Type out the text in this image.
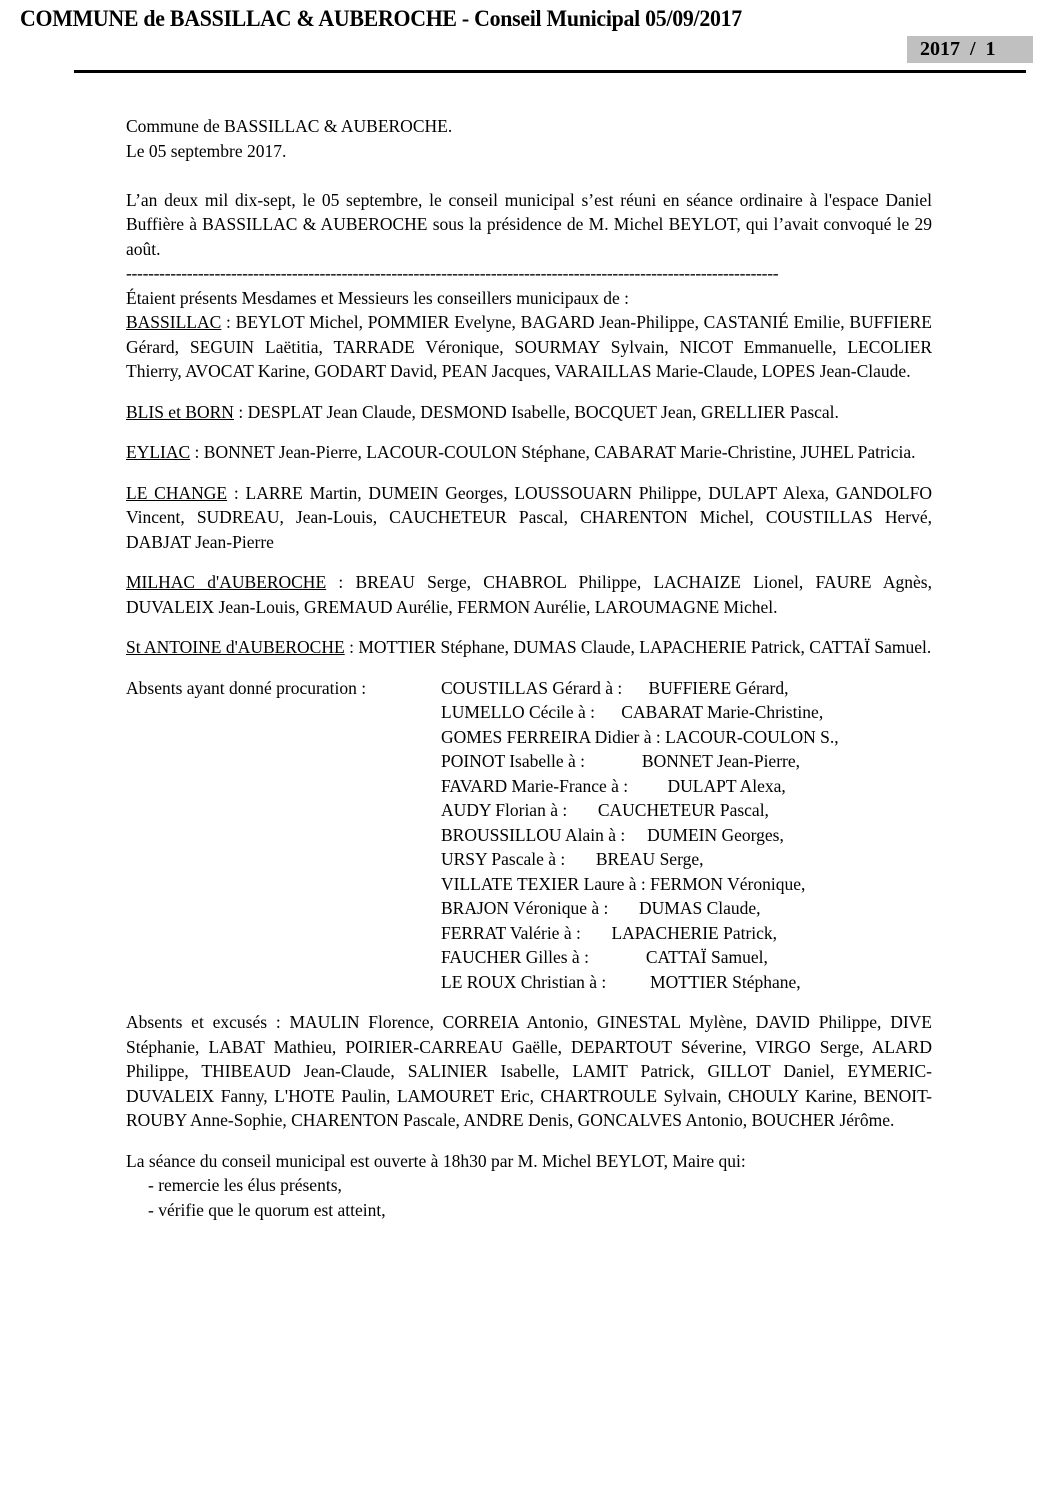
COMMUNE de BASSILLAC & AUBEROCHE - Conseil Municipal 05/09/2017
2017  /  1

Commune de BASSILLAC & AUBEROCHE.

Le 05 septembre 2017.

L’an deux mil dix-sept, le 05 septembre, le conseil municipal s’est réuni en séance ordinaire à l'espace Daniel Buffière à BASSILLAC & AUBEROCHE sous la présidence de M. Michel BEYLOT, qui l’avait convoqué le 29 août.

----------------------------------------------------------------------------------------------------------------------

Étaient présents Mesdames et Messieurs les conseillers municipaux de :

BASSILLAC : BEYLOT Michel, POMMIER Evelyne, BAGARD Jean-Philippe, CASTANIÉ Emilie, BUFFIERE Gérard, SEGUIN Laëtitia, TARRADE Véronique, SOURMAY Sylvain, NICOT Emmanuelle, LECOLIER Thierry, AVOCAT Karine, GODART David, PEAN Jacques, VARAILLAS Marie-Claude, LOPES Jean-Claude.

BLIS et BORN : DESPLAT Jean Claude, DESMOND Isabelle, BOCQUET Jean, GRELLIER Pascal.

EYLIAC : BONNET Jean-Pierre, LACOUR-COULON Stéphane, CABARAT Marie-Christine, JUHEL Patricia.

LE CHANGE : LARRE Martin, DUMEIN Georges, LOUSSOUARN Philippe, DULAPT Alexa, GANDOLFO Vincent, SUDREAU, Jean-Louis, CAUCHETEUR Pascal, CHARENTON Michel, COUSTILLAS Hervé, DABJAT Jean-Pierre

MILHAC d'AUBEROCHE : BREAU Serge, CHABROL Philippe, LACHAIZE Lionel, FAURE Agnès, DUVALEIX Jean-Louis, GREMAUD Aurélie, FERMON Aurélie, LAROUMAGNE Michel.

St ANTOINE d'AUBEROCHE : MOTTIER Stéphane, DUMAS Claude, LAPACHERIE Patrick, CATTAÏ Samuel.

Absents ayant donné procuration :	COUSTILLAS Gérard à :      BUFFIERE Gérard,
LUMELLO Cécile à :      CABARAT Marie-Christine,
GOMES FERREIRA Didier à : LACOUR-COULON S.,
POINOT Isabelle à :             BONNET Jean-Pierre,
FAVARD Marie-France à :         DULAPT Alexa,
AUDY Florian à :       CAUCHETEUR Pascal,
BROUSSILLOU Alain à :     DUMEIN Georges,
URSY Pascale à :       BREAU Serge,
VILLATE TEXIER Laure à : FERMON Véronique,
BRAJON Véronique à :       DUMAS Claude,
FERRAT Valérie à :       LAPACHERIE Patrick,
FAUCHER Gilles à :             CATTAÏ Samuel,
LE ROUX Christian à :          MOTTIER Stéphane,

Absents et excusés : MAULIN Florence, CORREIA Antonio, GINESTAL Mylène, DAVID Philippe, DIVE Stéphanie, LABAT Mathieu, POIRIER-CARREAU Gaëlle, DEPARTOUT Séverine, VIRGO Serge, ALARD Philippe, THIBEAUD Jean-Claude, SALINIER Isabelle, LAMIT Patrick, GILLOT Daniel, EYMERIC-DUVALEIX Fanny, L'HOTE Paulin, LAMOURET Eric, CHARTROULE Sylvain, CHOULY Karine, BENOIT-ROUBY Anne-Sophie, CHARENTON Pascale, ANDRE Denis, GONCALVES Antonio, BOUCHER Jérôme.

La séance du conseil municipal est ouverte à 18h30 par M. Michel BEYLOT, Maire qui:

- remercie les élus présents,
- vérifie que le quorum est atteint,
